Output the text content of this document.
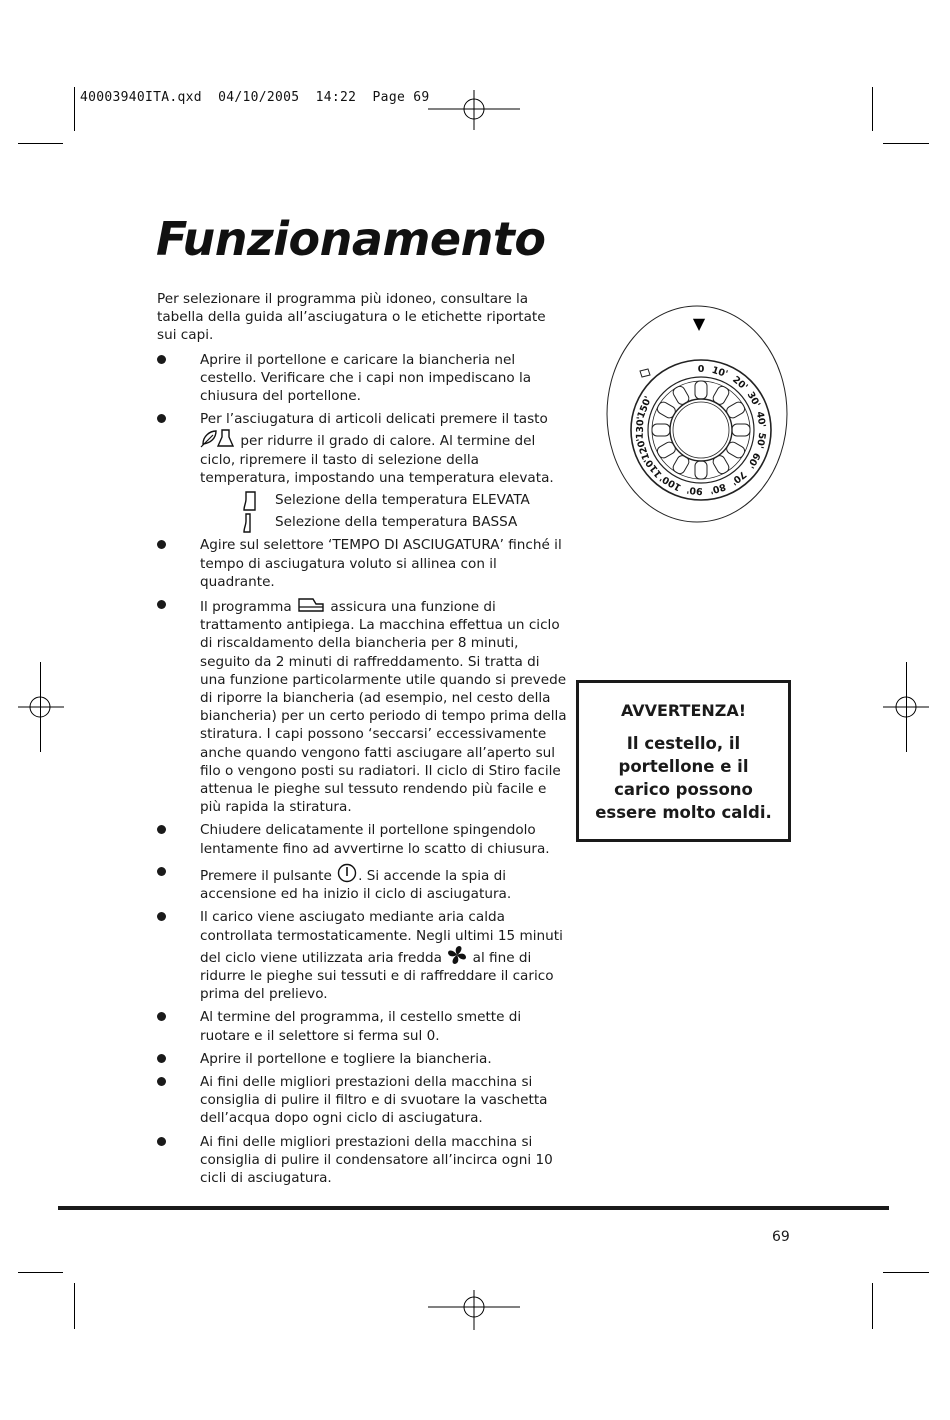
40003940ITA.qxd  04/10/2005  14:22  Page 69
Funzionamento

Per selezionare il programma più idoneo, consultare la tabella della guida all’asciugatura o le etichette riportate sui capi.

Aprire il portellone e caricare la biancheria nel cestello. Verificare che i capi non impediscano la chiusura del portellone.
Per l’asciugatura di articoli delicati premere il tasto  per ridurre il grado di calore. Al termine del ciclo, ripremere il tasto di selezione della temperatura, impostando una temperatura elevata.
Selezione della temperatura ELEVATA
Selezione della temperatura BASSA
Agire sul selettore ‘TEMPO DI ASCIUGATURA’ finché il tempo di asciugatura voluto si allinea con il quadrante.
Il programma	assicura una funzione di trattamento antipiega. La macchina effettua un ciclo di riscaldamento della biancheria per 8 minuti, seguito da 2 minuti di raffreddamento. Si tratta di una funzione particolarmente utile quando si prevede di riporre la biancheria (ad esempio, nel cesto della biancheria) per un certo periodo di tempo prima della stiratura. I capi possono ‘seccarsi’ eccessivamente anche quando vengono fatti asciugare all’aperto sul filo o vengono posti su radiatori. Il ciclo di Stiro facile attenua le pieghe sul tessuto rendendo più facile e più rapida la stiratura.
Chiudere delicatamente il portellone spingendolo lentamente fino ad avvertirne lo scatto di chiusura.
Premere il pulsante . Si accende la spia di accensione ed ha inizio il ciclo di asciugatura.
Il carico viene asciugato mediante aria calda controllata termostaticamente. Negli ultimi 15 minuti del ciclo viene utilizzata aria fredda al fine di ridurre le pieghe sui tessuti e di raffreddare il carico prima del prelievo.
Al termine del programma, il cestello smette di ruotare e il selettore si ferma sul 0.
Aprire il portellone e togliere la biancheria.
Ai fini delle migliori prestazioni della macchina si consiglia di pulire il filtro e di svuotare la vaschetta dell’acqua dopo ogni ciclo di asciugatura.
Ai fini delle migliori prestazioni della macchina si consiglia di pulire il condensatore all’incirca ogni 10 cicli di asciugatura.
▼
0 10'
20'
30'
40'
50'
60'
70'
80'
90'
100'
110'
120'
130'
150'
AVVERTENZA!
Il cestello, il portellone e il carico possono essere molto caldi.
69
